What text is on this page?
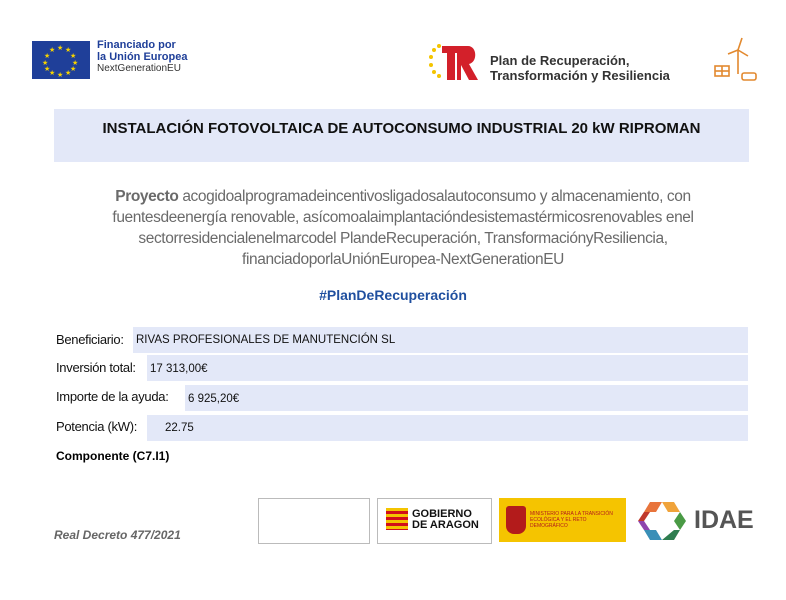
★ ★
★
★
★
★
★
★
★
★
★
★	Financiado por
la Unión Europea
NextGenerationEU
Plan de Recuperación,
Transformación y Resiliencia
INSTALACIÓN FOTOVOLTAICA DE AUTOCONSUMO INDUSTRIAL 20 kW RIPROMAN
Proyecto acogidoalprogramadeincentivosligadosalautoconsumo y almacenamiento, con
fuentesdeenergía renovable, asícomoalaimplantacióndesistemastérmicosrenovables enel
sectorresidencialenelmarcodel PlandeRecuperación, TransformaciónyResiliencia,
financiadoporlaUniónEuropea-NextGenerationEU
#PlanDeRecuperación
Beneficiario: RIVAS PROFESIONALES DE MANUTENCIÓN SL
Inversión total: 17 313,00€
Importe de la ayuda: 6 925,20€
Potencia (kW): 22.75
Componente (C7.I1)
Real Decreto 477/2021
GOBIERNO
DE ARAGON
MINISTERIO PARA LA TRANSICIÓN ECOLÓGICA Y EL RETO DEMOGRÁFICO	IDAE
